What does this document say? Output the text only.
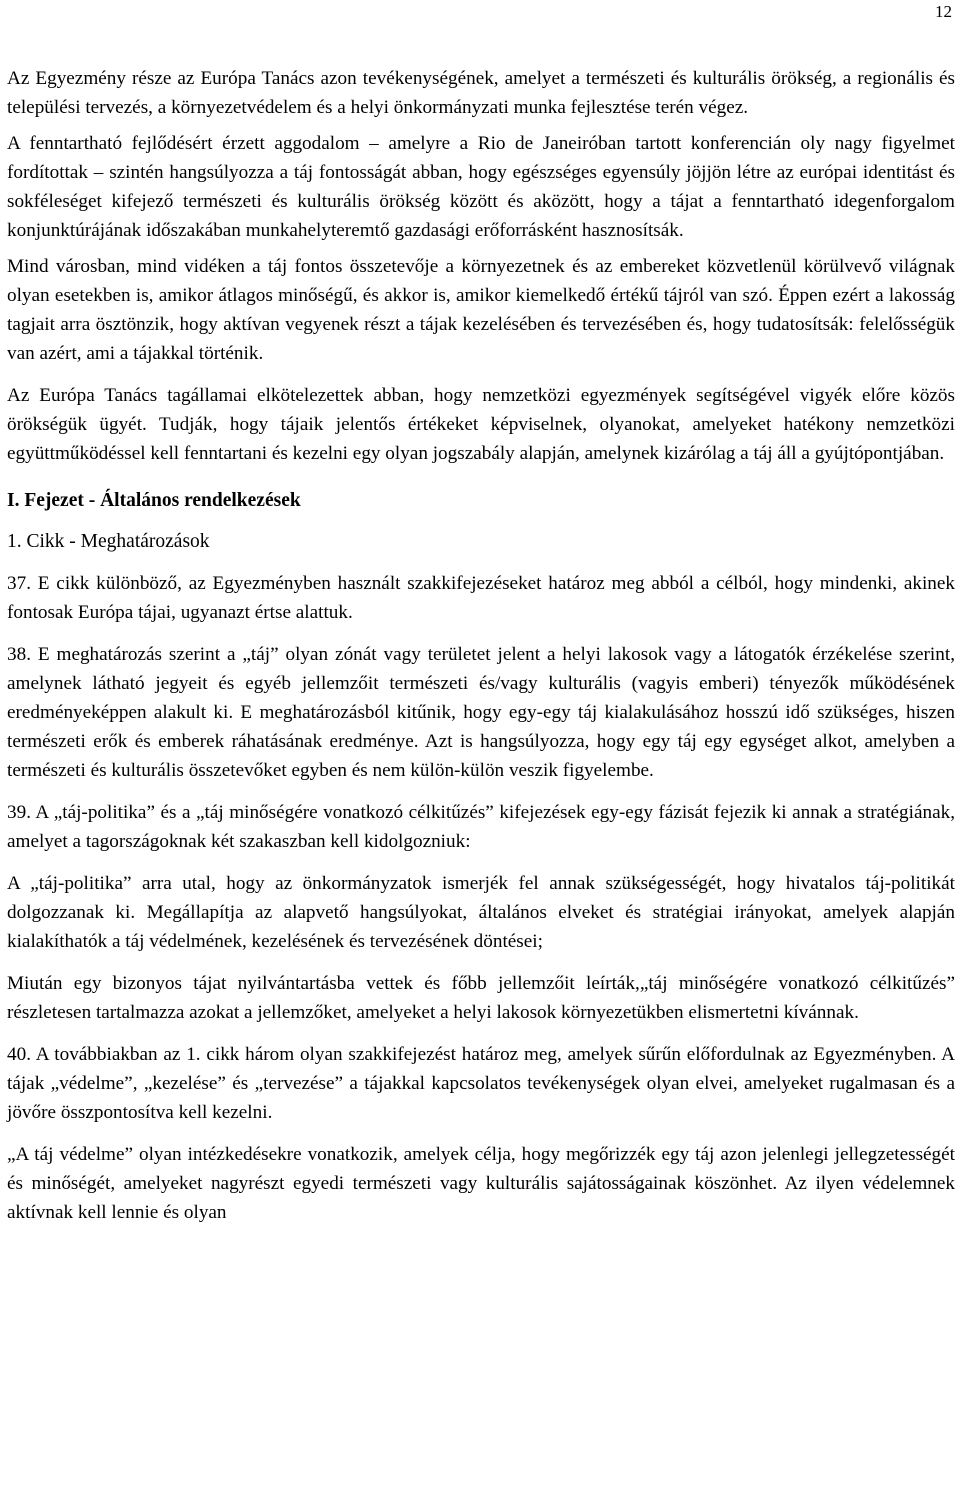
12

Az Egyezmény része az Európa Tanács azon tevékenységének, amelyet a természeti és kulturális örökség, a regionális és települési tervezés, a környezetvédelem és a helyi önkormányzati munka fejlesztése terén végez.

A fenntartható fejlődésért érzett aggodalom – amelyre a Rio de Janeiróban tartott konferencián oly nagy figyelmet fordítottak – szintén hangsúlyozza a táj fontosságát abban, hogy egészséges egyensúly jöjjön létre az európai identitást és sokféleséget kifejező természeti és kulturális örökség között és aközött, hogy a tájat a fenntartható idegenforgalom konjunktúrájának időszakában munkahelyteremtő gazdasági erőforrásként hasznosítsák.

Mind városban, mind vidéken a táj fontos összetevője a környezetnek és az embereket közvetlenül körülvevő világnak olyan esetekben is, amikor átlagos minőségű, és akkor is, amikor kiemelkedő értékű tájról van szó. Éppen ezért a lakosság tagjait arra ösztönzik, hogy aktívan vegyenek részt a tájak kezelésében és tervezésében és, hogy tudatosítsák: felelősségük van azért, ami a tájakkal történik.

Az Európa Tanács tagállamai elkötelezettek abban, hogy nemzetközi egyezmények segítségével vigyék előre közös örökségük ügyét. Tudják, hogy tájaik jelentős értékeket képviselnek, olyanokat, amelyeket hatékony nemzetközi együttműködéssel kell fenntartani és kezelni egy olyan jogszabály alapján, amelynek kizárólag a táj áll a gyújtópontjában.

I. Fejezet - Általános rendelkezések

1. Cikk - Meghatározások

37. E cikk különböző, az Egyezményben használt szakkifejezéseket határoz meg abból a célból, hogy mindenki, akinek fontosak Európa tájai, ugyanazt értse alattuk.

38. E meghatározás szerint a „táj” olyan zónát vagy területet jelent a helyi lakosok vagy a látogatók érzékelése szerint, amelynek látható jegyeit és egyéb jellemzőit természeti és/vagy kulturális (vagyis emberi) tényezők működésének eredményeképpen alakult ki. E meghatározásból kitűnik, hogy egy-egy táj kialakulásához hosszú idő szükséges, hiszen természeti erők és emberek ráhatásának eredménye. Azt is hangsúlyozza, hogy egy táj egy egységet alkot, amelyben a természeti és kulturális összetevőket egyben és nem külön-külön veszik figyelembe.

39. A „táj-politika” és a „táj minőségére vonatkozó célkitűzés” kifejezések egy-egy fázisát fejezik ki annak a stratégiának, amelyet a tagországoknak két szakaszban kell kidolgozniuk:

A „táj-politika” arra utal, hogy az önkormányzatok ismerjék fel annak szükségességét, hogy hivatalos táj-politikát dolgozzanak ki. Megállapítja az alapvető hangsúlyokat, általános elveket és stratégiai irányokat, amelyek alapján kialakíthatók a táj védelmének, kezelésének és tervezésének döntései;

Miután egy bizonyos tájat nyilvántartásba vettek és főbb jellemzőit leírták,„táj minőségére vonatkozó célkitűzés” részletesen tartalmazza azokat a jellemzőket, amelyeket a helyi lakosok környezetükben elismertetni kívánnak.

40. A továbbiakban az 1. cikk három olyan szakkifejezést határoz meg, amelyek sűrűn előfordulnak az Egyezményben. A tájak „védelme”, „kezelése” és „tervezése” a tájakkal kapcsolatos tevékenységek olyan elvei, amelyeket rugalmasan és a jövőre összpontosítva kell kezelni.

„A táj védelme” olyan intézkedésekre vonatkozik, amelyek célja, hogy megőrizzék egy táj azon jelenlegi jellegzetességét és minőségét, amelyeket nagyrészt egyedi természeti vagy kulturális sajátosságainak köszönhet. Az ilyen védelemnek aktívnak kell lennie és olyan
